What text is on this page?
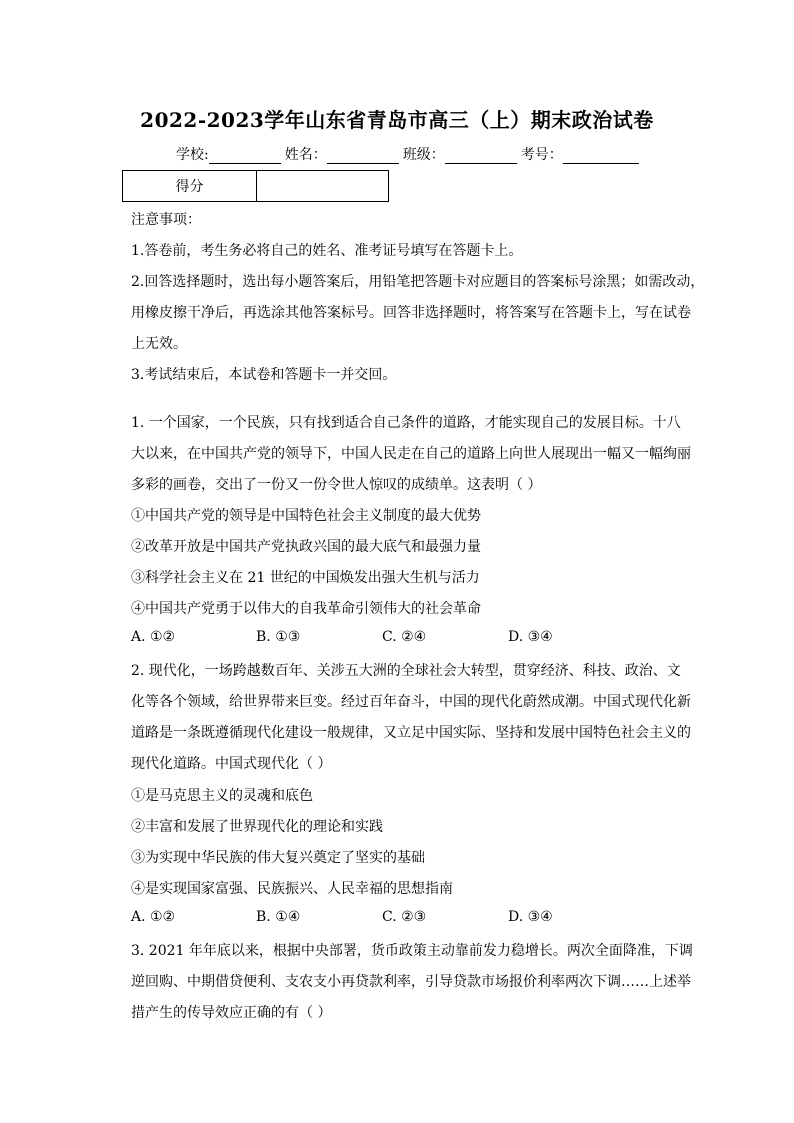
2022-2023学年山东省青岛市高三（上）期末政治试卷
学校:	姓名：	班级：	考号：
得分	
注意事项：
1.答卷前，考生务必将自己的姓名、准考证号填写在答题卡上。
2.回答选择题时，选出每小题答案后，用铅笔把答题卡对应题目的答案标号涂黑；如需改动，
用橡皮擦干净后，再选涂其他答案标号。回答非选择题时，将答案写在答题卡上，写在试卷
上无效。
3.考试结束后，本试卷和答题卡一并交回。
1. 一个国家，一个民族，只有找到适合自己条件的道路，才能实现自己的发展目标。十八
大以来，在中国共产党的领导下，中国人民走在自己的道路上向世人展现出一幅又一幅绚丽
多彩的画卷，交出了一份又一份令世人惊叹的成绩单。这表明（ ）
①中国共产党的领导是中国特色社会主义制度的最大优势
②改革开放是中国共产党执政兴国的最大底气和最强力量
③科学社会主义在 21 世纪的中国焕发出强大生机与活力
④中国共产党勇于以伟大的自我革命引领伟大的社会革命
A. ①②	B. ①③	C. ②④	D. ③④
2. 现代化，一场跨越数百年、关涉五大洲的全球社会大转型，贯穿经济、科技、政治、文
化等各个领域，给世界带来巨变。经过百年奋斗，中国的现代化蔚然成潮。中国式现代化新
道路是一条既遵循现代化建设一般规律，又立足中国实际、坚持和发展中国特色社会主义的
现代化道路。中国式现代化（ ）
①是马克思主义的灵魂和底色
②丰富和发展了世界现代化的理论和实践
③为实现中华民族的伟大复兴奠定了坚实的基础
④是实现国家富强、民族振兴、人民幸福的思想指南
A. ①②	B. ①④	C. ②③	D. ③④
3. 2021 年年底以来，根据中央部署，货币政策主动靠前发力稳增长。两次全面降准，下调
逆回购、中期借贷便利、支农支小再贷款利率，引导贷款市场报价利率两次下调……上述举
措产生的传导效应正确的有（ ）
